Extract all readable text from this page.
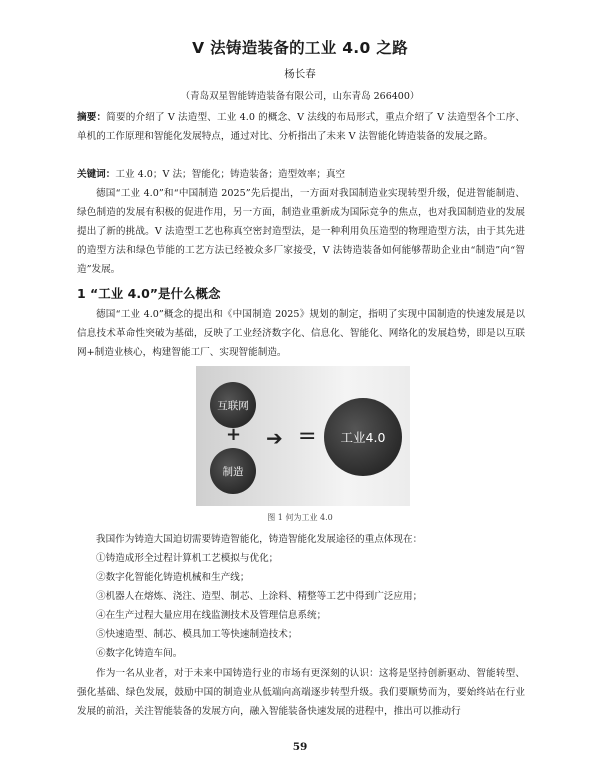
V 法铸造装备的工业 4.0 之路
杨长春
（青岛双星智能铸造装备有限公司，山东青岛 266400）
摘要：简要的介绍了 V 法造型、工业 4.0 的概念、V 法线的布局形式，重点介绍了 V 法造型各个工序、单机的工作原理和智能化发展特点，通过对比、分析指出了未来 V 法智能化铸造装备的发展之路。
关键词：工业 4.0；V 法；智能化；铸造装备；造型效率；真空
德国“工业 4.0”和“中国制造 2025”先后提出，一方面对我国制造业实现转型升级，促进智能制造、绿色制造的发展有积极的促进作用，另一方面，制造业重新成为国际竞争的焦点，也对我国制造业的发展提出了新的挑战。V 法造型工艺也称真空密封造型法，是一种利用负压造型的物理造型方法，由于其先进的造型方法和绿色节能的工艺方法已经被众多厂家接受，V 法铸造装备如何能够帮助企业由“制造”向“智造”发展。
1 “工业 4.0”是什么概念
德国“工业 4.0”概念的提出和《中国制造 2025》规划的制定，指明了实现中国制造的快速发展是以信息技术革命性突破为基础，反映了工业经济数字化、信息化、智能化、网络化的发展趋势，即是以互联网+制造业核心，构建智能工厂、实现智能制造。
互联网
+
制造
➔ =	工业4.0
图 1 何为工业 4.0
我国作为铸造大国迫切需要铸造智能化，铸造智能化发展途径的重点体现在：
①铸造成形全过程计算机工艺模拟与优化；
②数字化智能化铸造机械和生产线；
③机器人在熔炼、浇注、造型、制芯、上涂料、精整等工艺中得到广泛应用；
④在生产过程大量应用在线监测技术及管理信息系统；
⑤快速造型、制芯、模具加工等快速制造技术；
⑥数字化铸造车间。
作为一名从业者，对于未来中国铸造行业的市场有更深刻的认识：这将是坚持创新驱动、智能转型、强化基础、绿色发展，鼓励中国的制造业从低端向高端逐步转型升级。我们要顺势而为，要始终站在行业发展的前沿，关注智能装备的发展方向，融入智能装备快速发展的进程中，推出可以推动行
59
